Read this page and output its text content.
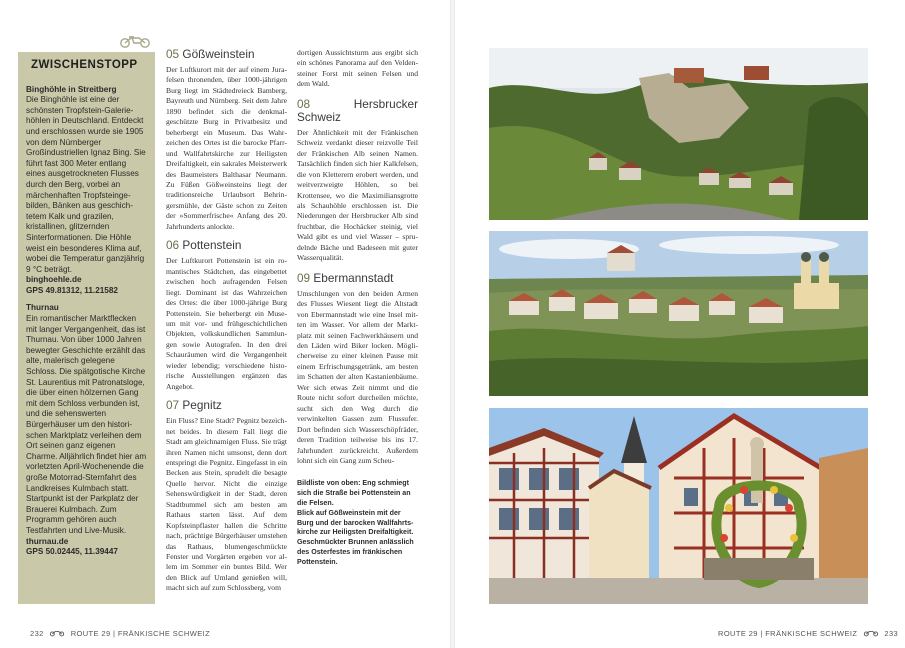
ZWISCHENSTOPP

Binghöhle in Streitberg
Die Binghöhle ist eine der schönsten Tropfstein-Galeriehöhlen in Deutschland. Entdeckt und erschlossen wurde sie 1905 von dem Nürnberger Großindustriellen Ignaz Bing. Sie führt fast 300 Meter entlang eines ausgetrockneten Flusses durch den Berg, vorbei an märchenhaften Tropfsteingebilden, Bänken aus geschichtetem Kalk und grazilen, kristallinen, glitzernden Sinterformationen. Die Höhle weist ein besonderes Klima auf, wobei die Temperatur ganzjährig 9 °C beträgt.
binghoehle.de
GPS 49.81312, 11.21582

Thurnau
Ein romantischer Marktflecken mit langer Vergangenheit, das ist Thurnau. Von über 1000 Jahren bewegter Geschichte erzählt das alte, malerisch gelegene Schloss. Die spätgotische Kirche St. Laurentius mit Patronatsloge, die über einen hölzernen Gang mit dem Schloss verbunden ist, und die sehenswerten Bürgerhäuser um den historischen Marktplatz verleihen dem Ort seinen ganz eigenen Charme. Alljährlich findet hier am vorletzten April-Wochenende die große Motorrad-Sternfahrt des Landkreises Kulmbach statt. Startpunkt ist der Parkplatz der Brauerei Kulmbach. Zum Programm gehören auch Testfahrten und Live-Musik.
thurnau.de
GPS 50.02445, 11.39447

05 Gößweinstein

Der Luftkurort mit der auf einem Jurafelsen thronenden, über 1000-jährigen Burg liegt im Städtedreieck Bamberg, Bayreuth und Nürnberg. Seit dem Jahre 1890 befindet sich die denkmalgeschützte Burg in Privatbesitz und beherbergt ein Museum. Das Wahrzeichen des Ortes ist die barocke Pfarr- und Wallfahrtskirche zur Heiligsten Dreifaltigkeit, ein sakrales Meisterwerk des Baumeisters Balthasar Neumann. Zu Füßen Gößweinsteins liegt der traditionsreiche Urlaubsort Behringersmühle, der Gäste schon zu Zeiten der »Sommerfrische« Anfang des 20. Jahrhunderts anlockte.

06 Pottenstein

Der Luftkurort Pottenstein ist ein romantisches Städtchen, das eingebettet zwischen hoch aufragenden Felsen liegt. Dominant ist das Wahrzeichen des Ortes: die über 1000-jährige Burg Pottenstein. Sie beherbergt ein Museum mit vor- und frühgeschichtlichen Objekten, volkskundlichen Sammlungen sowie Autografen. In den drei Schauräumen wird die Vergangenheit wieder lebendig; verschiedene historische Ausstellungen ergänzen das Angebot.

07 Pegnitz

Ein Fluss? Eine Stadt? Pegnitz bezeichnet beides. In diesem Fall liegt die Stadt am gleichnamigen Fluss. Sie trägt ihren Namen nicht umsonst, denn dort entspringt die Pegnitz. Eingefasst in ein Becken aus Stein, sprudelt die besagte Quelle hervor. Nicht die einzige Sehenswürdigkeit in der Stadt, deren Stadtbummel sich am besten am Rathaus starten lässt. Auf dem Kopfsteinpflaster hallen die Schritte nach, prächtige Bürgerhäuser umstehen das Rathaus, blumengeschmückte Fenster und Vorgärten ergeben vor allem im Sommer ein buntes Bild. Wer den Blick auf Umland genießen will, macht sich auf zum Schlossberg, vom

dortigen Aussichtsturm aus ergibt sich ein schönes Panorama auf den Veldensteiner Forst mit seinen Felsen und dem Wald.

08	Hersbrucker Schweiz

Der Ähnlichkeit mit der Fränkischen Schweiz verdankt dieser reizvolle Teil der Fränkischen Alb seinen Namen. Tatsächlich finden sich hier Kalkfelsen, die von Kletterern erobert werden, und weitverzweigte Höhlen, so bei Krottensee, wo die Maximiliansgrotte als Schauhöhle erschlossen ist. Die Niederungen der Hersbrucker Alb sind fruchtbar, die Hochäcker steinig, viel Wald gibt es und viel Wasser – sprudelnde Bäche und Badeseen mit guter Wasserqualität.

09 Ebermannstadt

Umschlungen von den beiden Armen des Flusses Wiesent liegt die Altstadt von Ebermannstadt wie eine Insel mitten im Wasser. Vor allem der Marktplatz mit seinen Fachwerkhäusern und den Läden wird Biker locken. Möglicherweise zu einer kleinen Pause mit einem Erfrischungsgetränk, am besten im Schatten der alten Kastanienbäume. Wer sich etwas Zeit nimmt und die Route nicht sofort durcheilen möchte, sucht sich den Weg durch die verwinkelten Gassen zum Flussufer. Dort befinden sich Wasserschöpfräder, deren Tradition teilweise bis ins 17. Jahrhundert zurückreicht. Außerdem lohnt sich ein Gang zum Scheu-

Bildliste von oben: Eng schmiegt sich die Straße bei Pottenstein an die Felsen.

Blick auf Gößweinstein mit der Burg und der barocken Wallfahrtskirche zur Heiligsten Dreifaltigkeit.

Geschmückter Brunnen anlässlich des Osterfestes im fränkischen Pottenstein.

232	ROUTE 29 | FRÄNKISCHE SCHWEIZ	ROUTE 29 | FRÄNKISCHE SCHWEIZ	233
